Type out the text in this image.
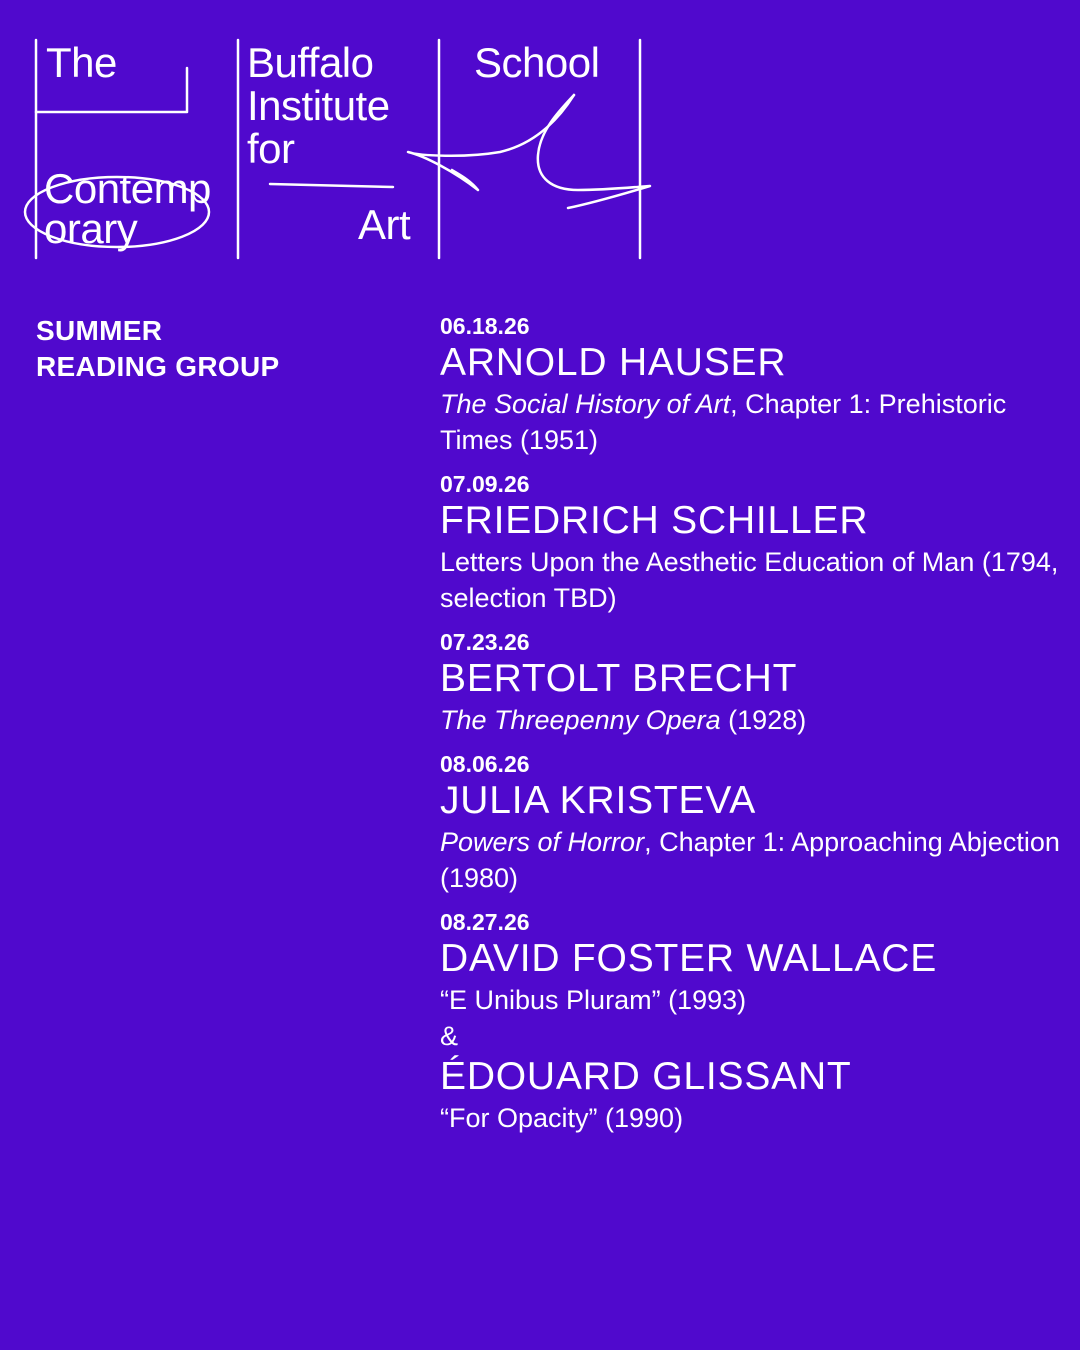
The
Contemp
orary
Buffalo
Institute
for
Art
School
SUMMER
READING GROUP
06.18.26
ARNOLD HAUSER
The Social History of Art, Chapter 1: Prehistoric Times (1951)
07.09.26
FRIEDRICH SCHILLER
Letters Upon the Aesthetic Education of Man (1794, selection TBD)
07.23.26
BERTOLT BRECHT
The Threepenny Opera (1928)
08.06.26
JULIA KRISTEVA
Powers of Horror, Chapter 1: Approaching Abjection (1980)
08.27.26
DAVID FOSTER WALLACE
“E Unibus Pluram” (1993)
&
ÉDOUARD GLISSANT
“For Opacity” (1990)
